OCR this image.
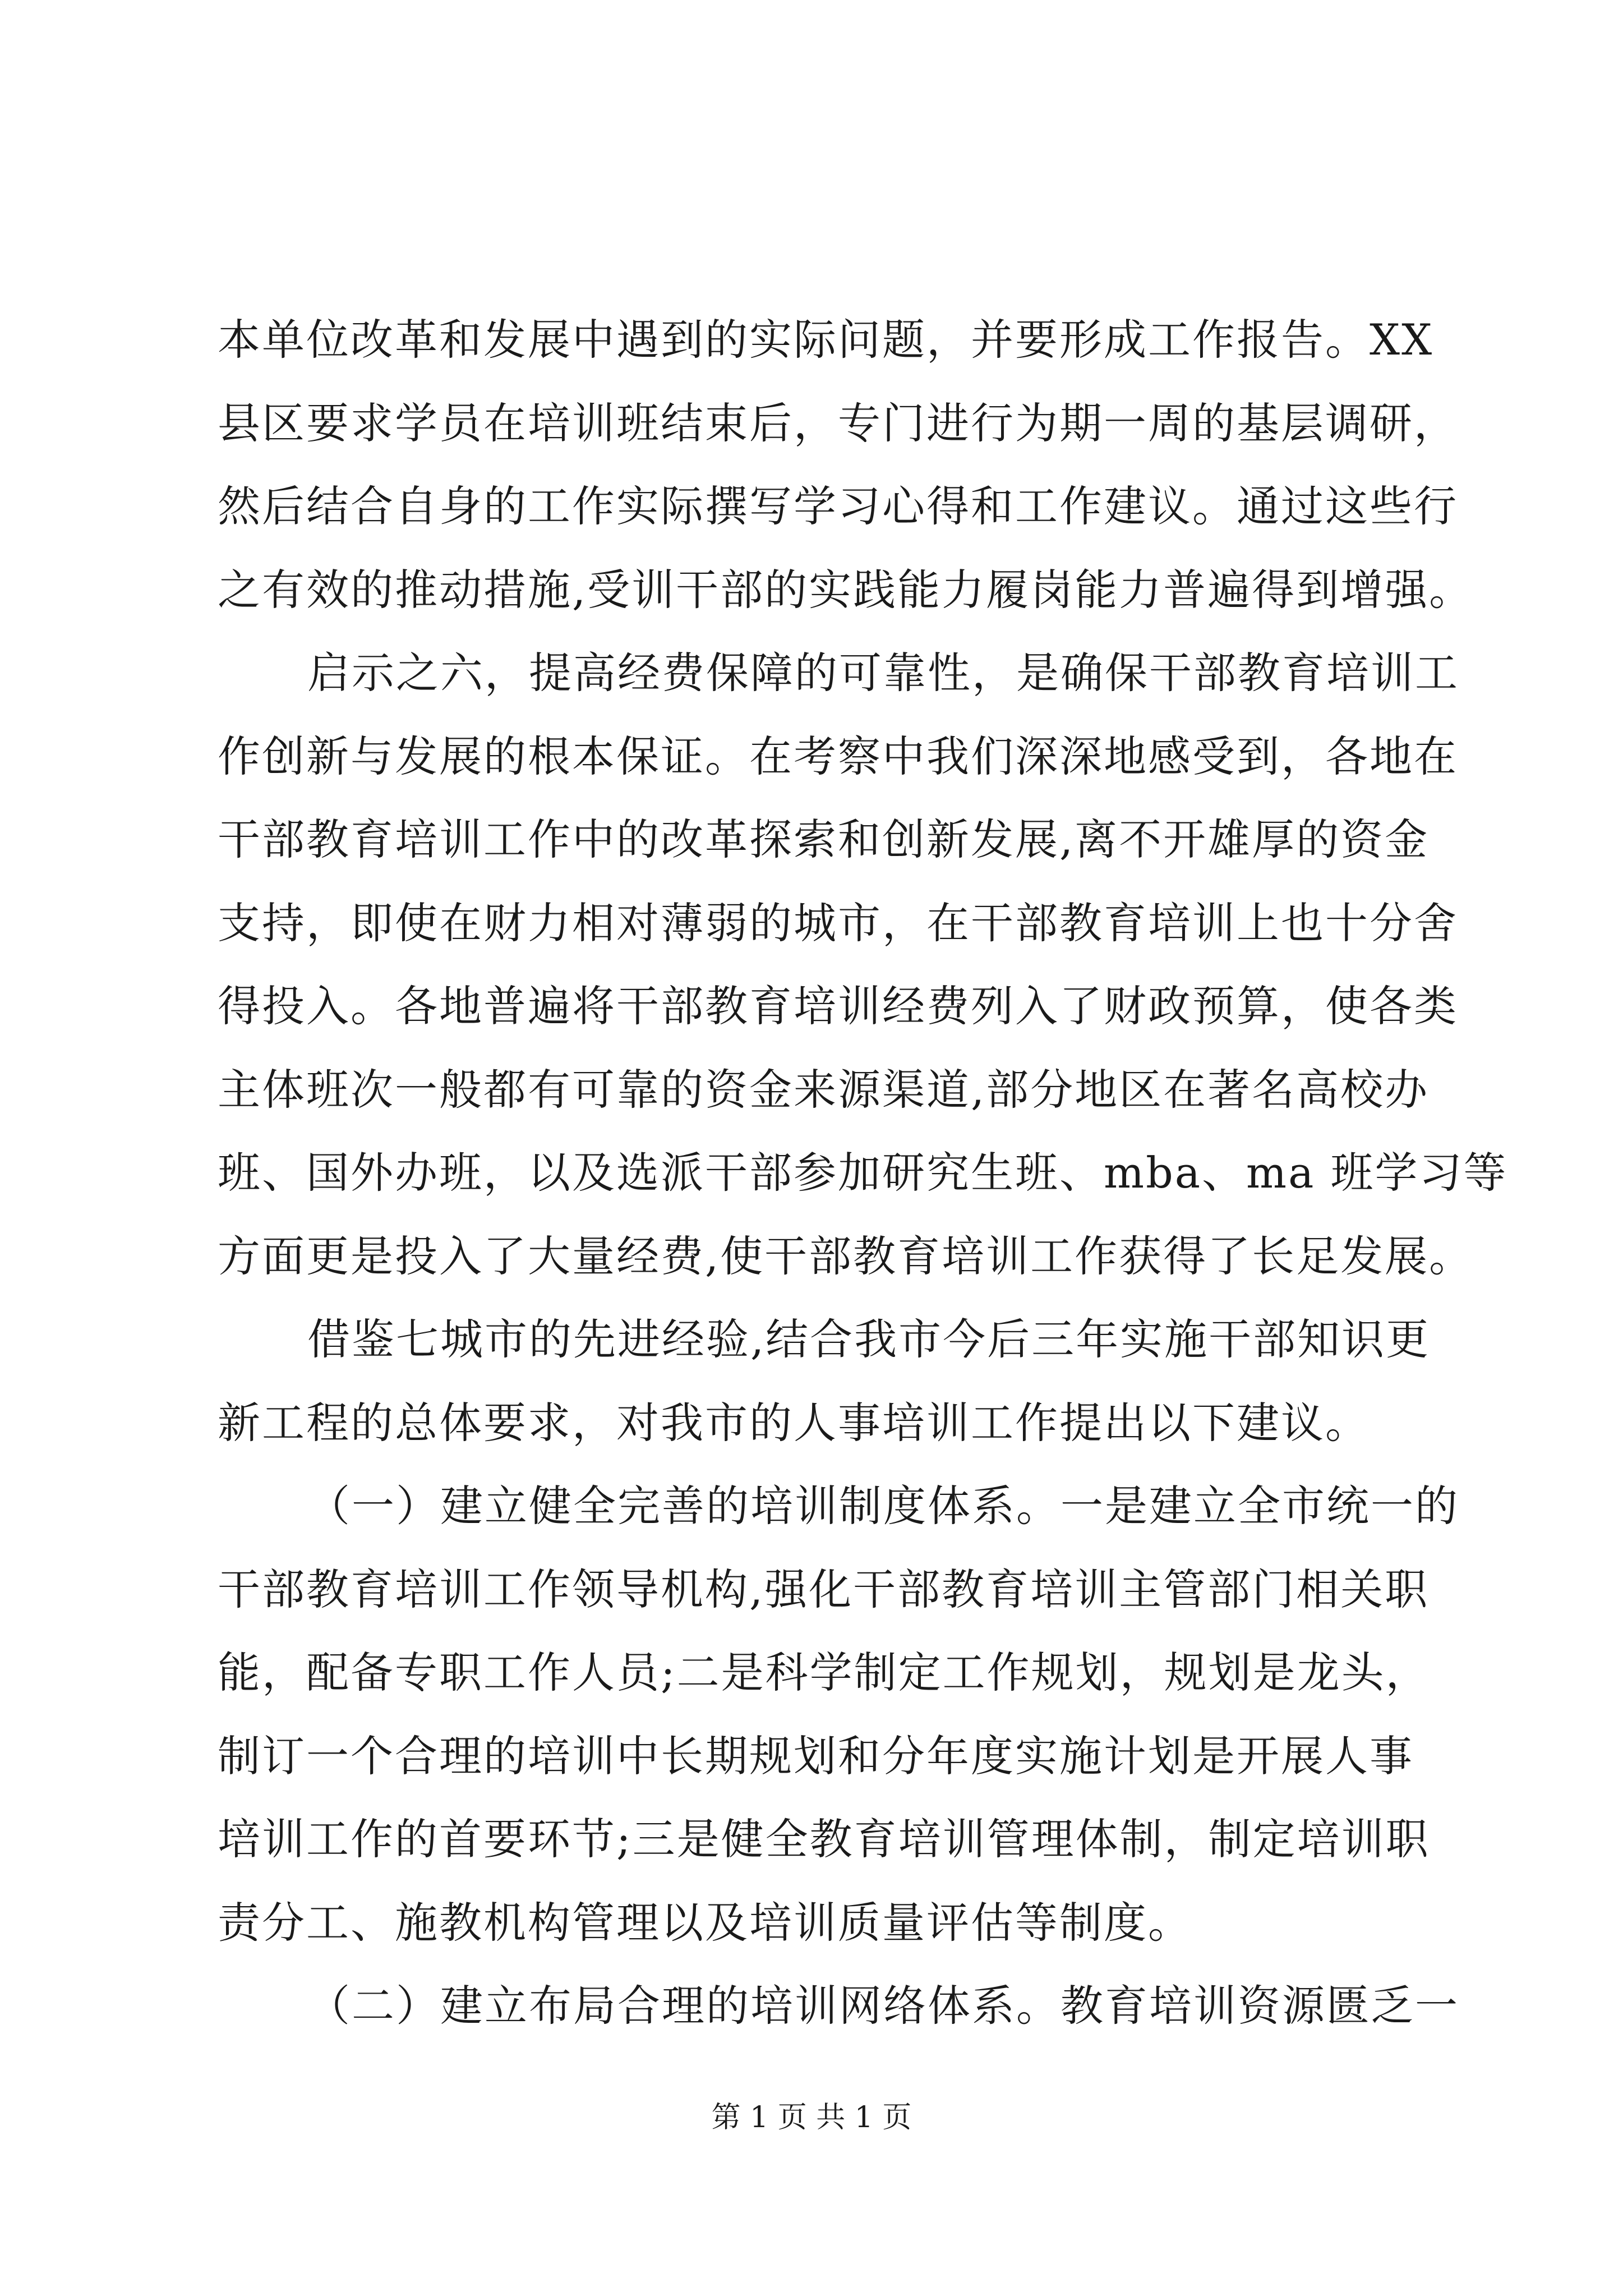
本单位改革和发展中遇到的实际问题，并要形成工作报告。XX
县区要求学员在培训班结束后，专门进行为期一周的基层调研，
然后结合自身的工作实际撰写学习心得和工作建议。通过这些行
之有效的推动措施,受训干部的实践能力履岗能力普遍得到增强。
启示之六，提高经费保障的可靠性，是确保干部教育培训工
作创新与发展的根本保证。在考察中我们深深地感受到，各地在
干部教育培训工作中的改革探索和创新发展,离不开雄厚的资金
支持，即使在财力相对薄弱的城市，在干部教育培训上也十分舍
得投入。各地普遍将干部教育培训经费列入了财政预算，使各类
主体班次一般都有可靠的资金来源渠道,部分地区在著名高校办
班、国外办班，以及选派干部参加研究生班、mba、ma 班学习等
方面更是投入了大量经费,使干部教育培训工作获得了长足发展。
借鉴七城市的先进经验,结合我市今后三年实施干部知识更
新工程的总体要求，对我市的人事培训工作提出以下建议。
（一）建立健全完善的培训制度体系。一是建立全市统一的
干部教育培训工作领导机构,强化干部教育培训主管部门相关职
能，配备专职工作人员;二是科学制定工作规划，规划是龙头，
制订一个合理的培训中长期规划和分年度实施计划是开展人事
培训工作的首要环节;三是健全教育培训管理体制，制定培训职
责分工、施教机构管理以及培训质量评估等制度。
（二）建立布局合理的培训网络体系。教育培训资源匮乏一
第 1 页 共 1 页
